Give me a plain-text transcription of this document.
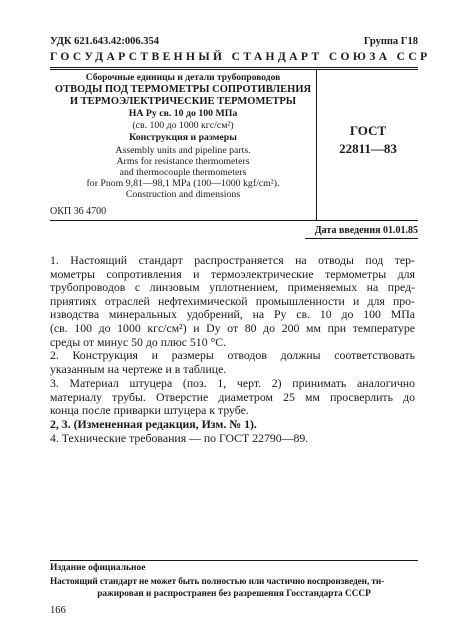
УДК 621.643.42:006.354	Группа Г18
ГОСУДАРСТВЕННЫЙ СТАНДАРТ СОЮЗА ССР
Сборочные единицы и детали трубопроводов
ОТВОДЫ ПОД ТЕРМОМЕТРЫ СОПРОТИВЛЕНИЯ
И ТЕРМОЭЛЕКТРИЧЕСКИЕ ТЕРМОМЕТРЫ
НА Py св. 10 до 100 МПа
(св. 100 до 1000 кгс/см²)
Конструкция и размеры
Assembly units and pipeline parts.
Arms for resistance thermometers
and thermocouple thermometers
for Pnom 9,81—98,1 MPa (100—1000 kgf/cm²).
Construction and dimensions
ГОСТ
22811—83
ОКП 36 4700
Дата введения 01.01.85
1. Настоящий стандарт распространяется на отводы под тер-
мометры сопротивления и термоэлектрические термометры для
трубопроводов с линзовым уплотнением, применяемых на пред-
приятиях отраслей нефтехимической промышленности и для про-
изводства минеральных удобрений, на Py св. 10 до 100 МПа
(св. 100 до 1000 кгс/см²) и Dy от 80 до 200 мм при температуре
среды от минус 50 до плюс 510 °С.
2. Конструкция и размеры отводов должны соответствовать
указанным на чертеже и в таблице.
3. Материал штуцера (поз. 1, черт. 2) принимать аналогично
материалу трубы. Отверстие диаметром 25 мм просверлить до
конца после приварки штуцера к трубе.
2, 3. (Измененная редакция, Изм. № 1).
4. Технические требования — по ГОСТ 22790—89.
Издание официальное
Настоящий стандарт не может быть полностью или частично воспроизведен, ти-
ражирован и распространен без разрешения Госстандарта СССР
166
